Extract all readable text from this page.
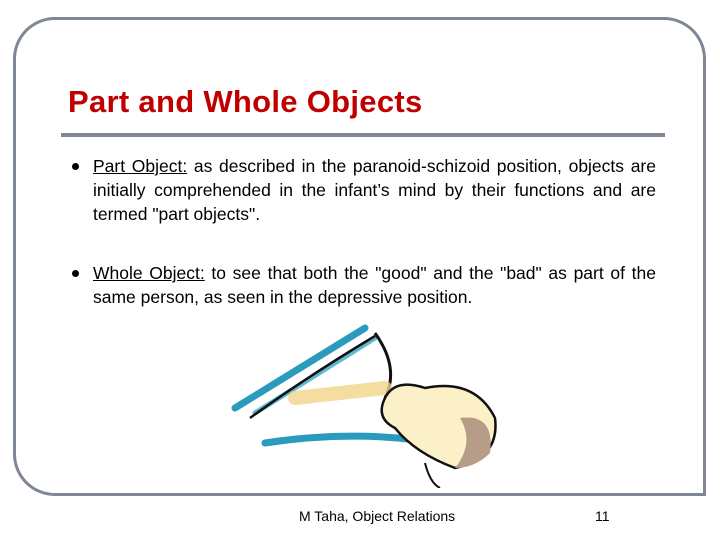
Part and Whole Objects
Part Object: as described in the paranoid-schizoid position, objects are initially comprehended in the infant’s mind by their functions and are termed "part objects".
Whole Object: to see that both the "good" and the "bad" as part of the same person, as seen in the depressive position.
M Taha, Object Relations	11
